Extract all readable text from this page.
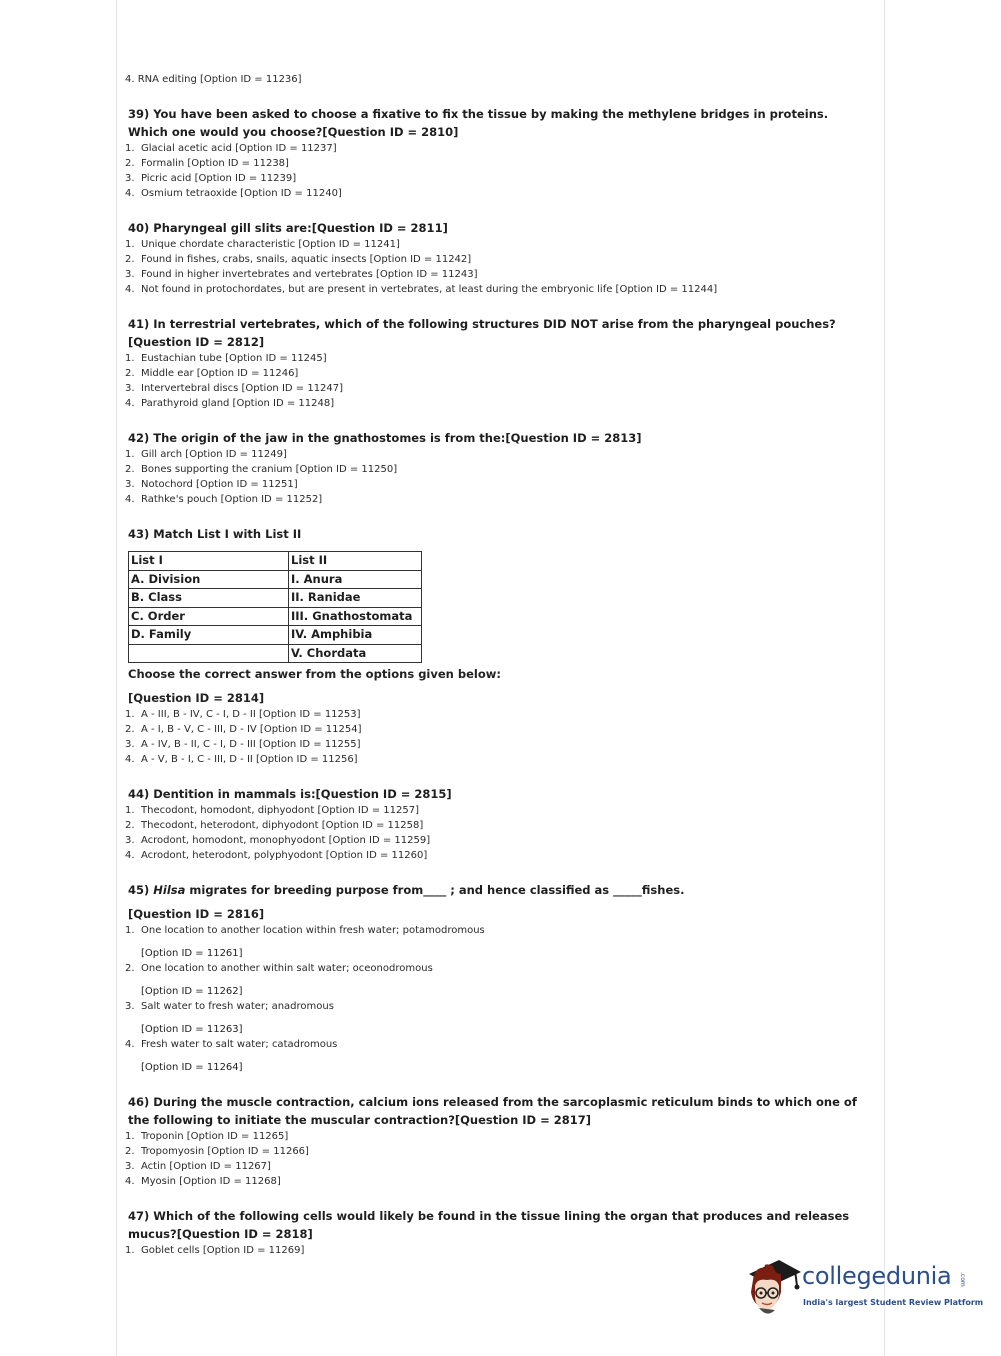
4. RNA editing [Option ID = 11236]
39) You have been asked to choose a fixative to fix the tissue by making the methylene bridges in proteins. Which one would you choose?[Question ID = 2810]
1. Glacial acetic acid [Option ID = 11237]
2. Formalin [Option ID = 11238]
3. Picric acid [Option ID = 11239]
4. Osmium tetraoxide [Option ID = 11240]
40) Pharyngeal gill slits are:[Question ID = 2811]
1. Unique chordate characteristic [Option ID = 11241]
2. Found in fishes, crabs, snails, aquatic insects [Option ID = 11242]
3. Found in higher invertebrates and vertebrates [Option ID = 11243]
4. Not found in protochordates, but are present in vertebrates, at least during the embryonic life [Option ID = 11244]
41) In terrestrial vertebrates, which of the following structures DID NOT arise from the pharyngeal pouches?[Question ID = 2812]
1. Eustachian tube [Option ID = 11245]
2. Middle ear [Option ID = 11246]
3. Intervertebral discs [Option ID = 11247]
4. Parathyroid gland [Option ID = 11248]
42) The origin of the jaw in the gnathostomes is from the:[Question ID = 2813]
1. Gill arch [Option ID = 11249]
2. Bones supporting the cranium [Option ID = 11250]
3. Notochord [Option ID = 11251]
4. Rathke's pouch [Option ID = 11252]
43) Match List I with List II
List I	List II
A. Division	I. Anura
B. Class	II. Ranidae
C. Order	III. Gnathostomata
D. Family	IV. Amphibia
	V. Chordata
Choose the correct answer from the options given below:
[Question ID = 2814]
1. A - III, B - IV, C - I, D - II [Option ID = 11253]
2. A - I, B - V, C - III, D - IV [Option ID = 11254]
3. A - IV, B - II, C - I, D - III [Option ID = 11255]
4. A - V, B - I, C - III, D - II [Option ID = 11256]
44) Dentition in mammals is:[Question ID = 2815]
1. Thecodont, homodont, diphyodont [Option ID = 11257]
2. Thecodont, heterodont, diphyodont [Option ID = 11258]
3. Acrodont, homodont, monophyodont [Option ID = 11259]
4. Acrodont, heterodont, polyphyodont [Option ID = 11260]
45) Hilsa migrates for breeding purpose from____ ; and hence classified as _____fishes.
[Question ID = 2816]
1. One location to another location within fresh water; potamodromous
[Option ID = 11261]
2. One location to another within salt water; oceonodromous
[Option ID = 11262]
3. Salt water to fresh water; anadromous
[Option ID = 11263]
4. Fresh water to salt water; catadromous
[Option ID = 11264]
46) During the muscle contraction, calcium ions released from the sarcoplasmic reticulum binds to which one of the following to initiate the muscular contraction?[Question ID = 2817]
1. Troponin [Option ID = 11265]
2. Tropomyosin [Option ID = 11266]
3. Actin [Option ID = 11267]
4. Myosin [Option ID = 11268]
47) Which of the following cells would likely be found in the tissue lining the organ that produces and releases mucus?[Question ID = 2818]
1. Goblet cells [Option ID = 11269]
collegedunia .com
India's largest Student Review Platform
